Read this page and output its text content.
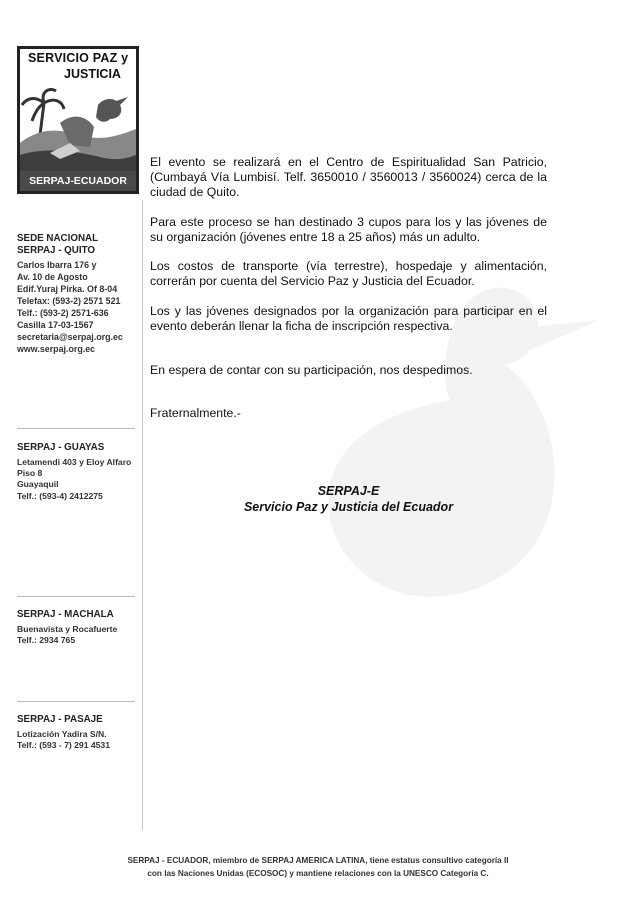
SERVICIO PAZ y
JUSTICIA
SERPAJ-ECUADOR
SEDE NACIONAL
SERPAJ - QUITO
Carlos Ibarra 176 y
Av. 10 de Agosto
Edif.Yuraj Pirka. Of 8-04
Telefax: (593-2) 2571 521
Telf.: (593-2) 2571-636
Casilla 17-03-1567
secretaria@serpaj.org.ec
www.serpaj.org.ec
SERPAJ - GUAYAS
Letamendi 403 y Eloy Alfaro
Piso 8
Guayaquil
Telf.: (593-4) 2412275
SERPAJ - MACHALA
Buenavista y Rocafuerte
Telf.: 2934 765
SERPAJ - PASAJE
Lotización Yadira S/N.
Telf.: (593 - 7) 291 4531

El evento se realizará en el Centro de Espiritualidad San Patricio, (Cumbayá Vía Lumbisí. Telf. 3650010 / 3560013 / 3560024) cerca de la ciudad de Quito.

Para este proceso se han destinado 3 cupos para los y las jóvenes de su organización (jóvenes entre 18 a 25 años) más un adulto.

Los costos de transporte (vía terrestre), hospedaje y alimentación, correrán por cuenta del Servicio Paz y Justicia del Ecuador.

Los y las jóvenes designados por la organización para participar en el evento deberán llenar la ficha de inscripción respectiva.

En espera de contar con su participación, nos despedimos.

Fraternalmente.-

SERPAJ-E
Servicio Paz y Justicia del Ecuador
SERPAJ - ECUADOR, miembro de SERPAJ AMERICA LATINA, tiene estatus consultivo categoría II
con las Naciones Unidas (ECOSOC) y mantiene relaciones con la UNESCO Categoría C.
